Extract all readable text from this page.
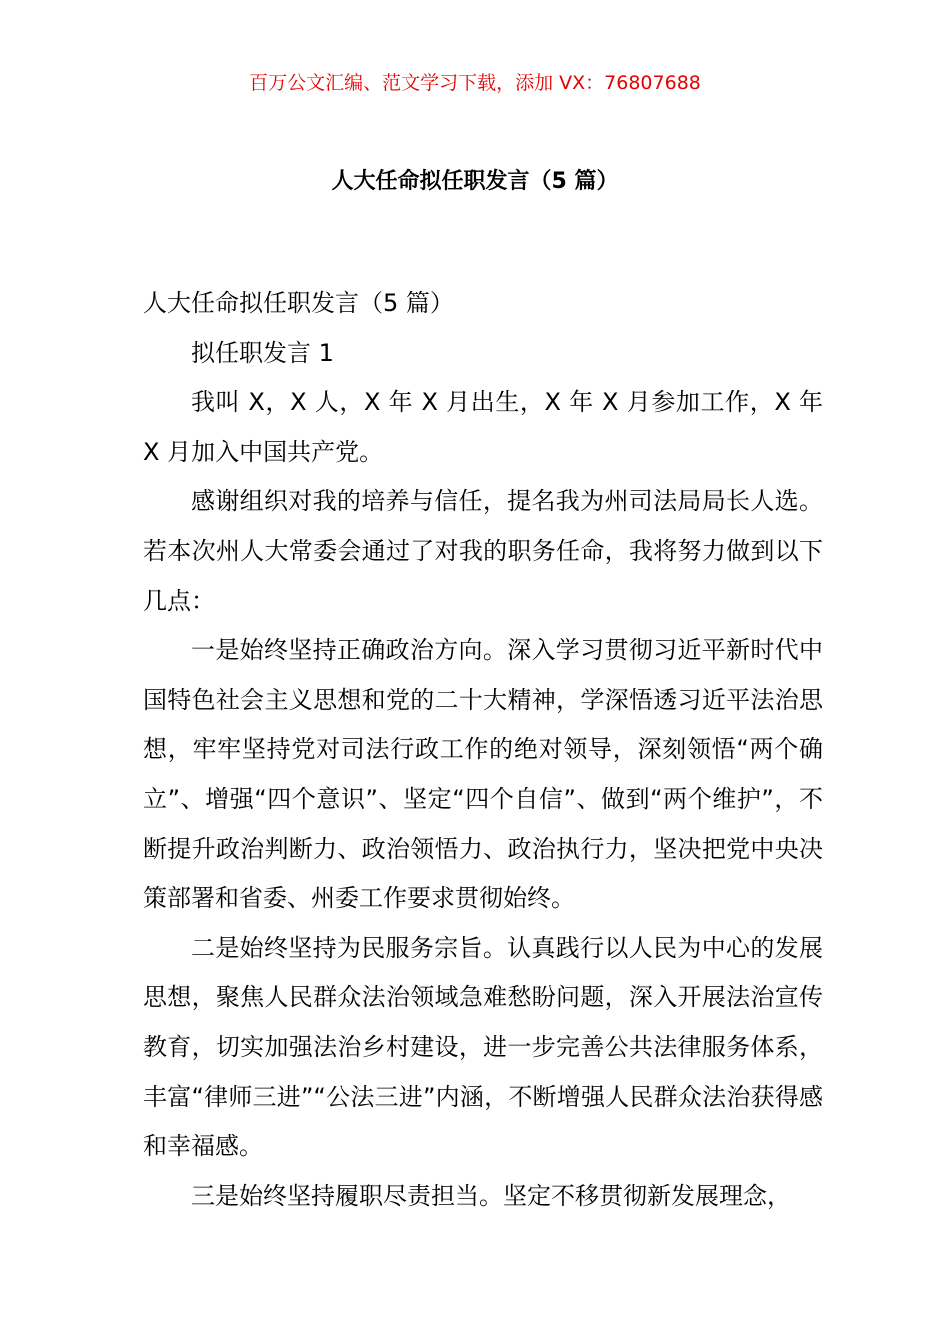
百万公文汇编、范文学习下载，添加 VX：76807688
人大任命拟任职发言（5 篇）

人大任命拟任职发言（5 篇）

拟任职发言 1

我叫 X，X 人，X 年 X 月出生，X 年 X 月参加工作，X 年 X 月加入中国共产党。

感谢组织对我的培养与信任，提名我为州司法局局长人选。若本次州人大常委会通过了对我的职务任命，我将努力做到以下几点：

一是始终坚持正确政治方向。深入学习贯彻习近平新时代中国特色社会主义思想和党的二十大精神，学深悟透习近平法治思想，牢牢坚持党对司法行政工作的绝对领导，深刻领悟“两个确立”、增强“四个意识”、坚定“四个自信”、做到“两个维护”，不断提升政治判断力、政治领悟力、政治执行力，坚决把党中央决策部署和省委、州委工作要求贯彻始终。

二是始终坚持为民服务宗旨。认真践行以人民为中心的发展思想，聚焦人民群众法治领域急难愁盼问题，深入开展法治宣传教育，切实加强法治乡村建设，进一步完善公共法律服务体系，丰富“律师三进”“公法三进”内涵，不断增强人民群众法治获得感和幸福感。

三是始终坚持履职尽责担当。坚定不移贯彻新发展理念，
